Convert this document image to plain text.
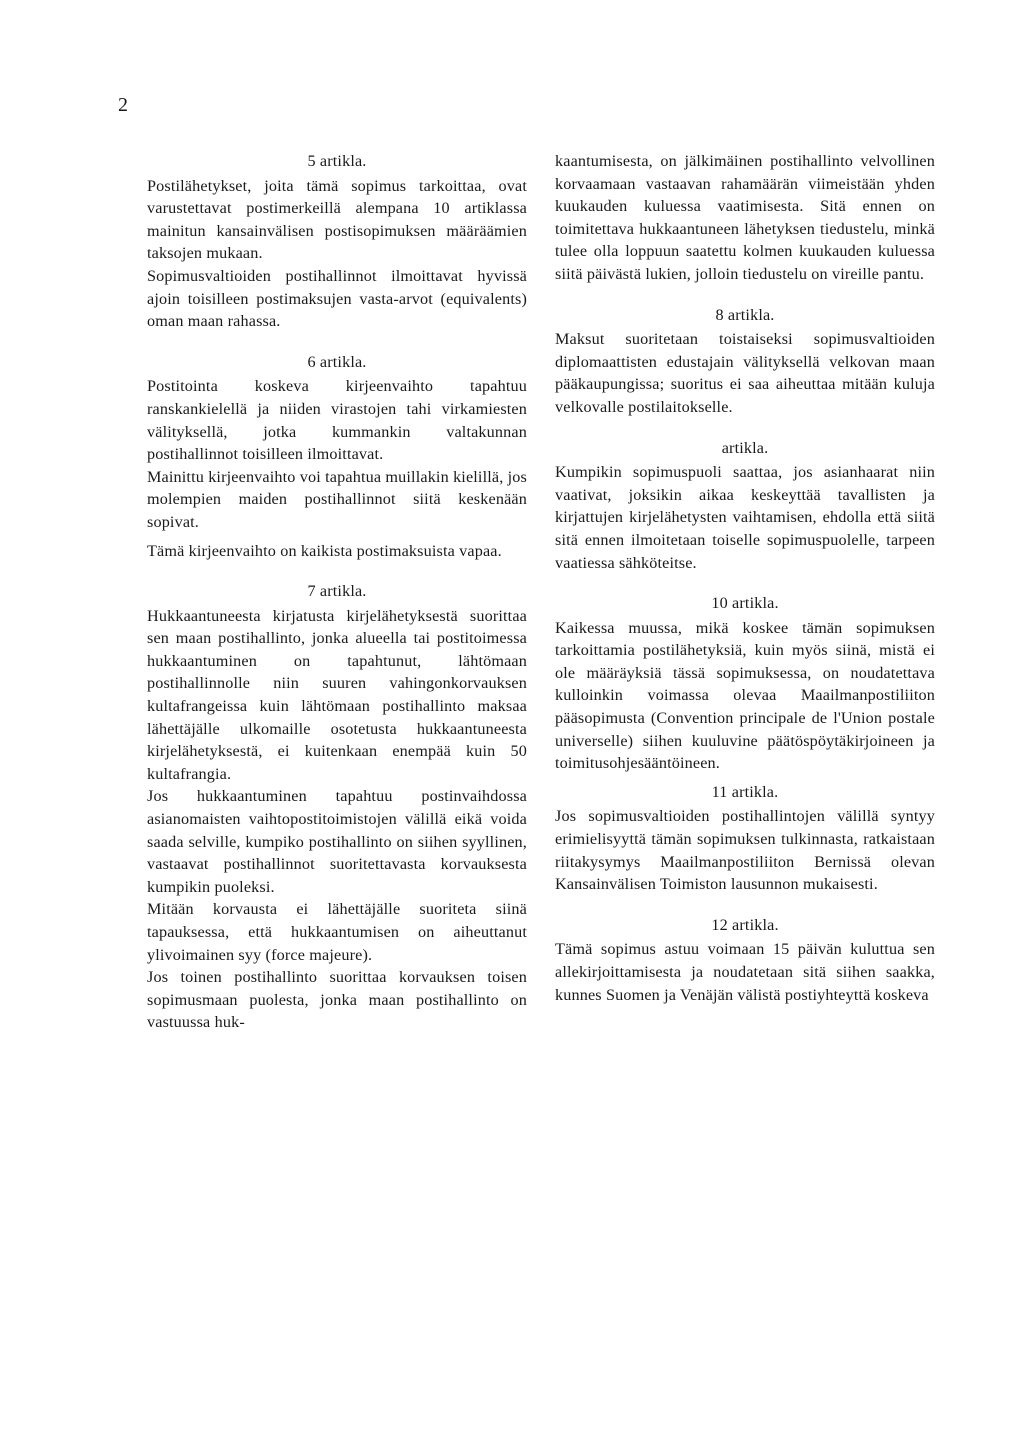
2
5 artikla.

Postilähetykset, joita tämä sopimus tarkoittaa, ovat varustettavat postimerkeillä alempana 10 artiklassa mainitun kansainvälisen postisopimuksen määräämien taksojen mukaan.

Sopimusvaltioiden postihallinnot ilmoittavat hyvissä ajoin toisilleen postimaksujen vasta-arvot (equivalents) oman maan rahassa.

6 artikla.

Postitointa koskeva kirjeenvaihto tapahtuu ranskankielellä ja niiden virastojen tahi virkamiesten välityksellä, jotka kummankin valtakunnan postihallinnot toisilleen ilmoittavat.

Mainittu kirjeenvaihto voi tapahtua muillakin kielillä, jos molempien maiden postihallinnot siitä keskenään sopivat.

Tämä kirjeenvaihto on kaikista postimaksuista vapaa.

7 artikla.

Hukkaantuneesta kirjatusta kirjelähetyksestä suorittaa sen maan postihallinto, jonka alueella tai postitoimessa hukkaantuminen on tapahtunut, lähtömaan postihallinnolle niin suuren vahingonkorvauksen kultafrangeissa kuin lähtömaan postihallinto maksaa lähettäjälle ulkomaille osotetusta hukkaantuneesta kirjelähetyksestä, ei kuitenkaan enempää kuin 50 kultafrangia.

Jos hukkaantuminen tapahtuu postinvaihdossa asianomaisten vaihtopostitoimistojen välillä eikä voida saada selville, kumpiko postihallinto on siihen syyllinen, vastaavat postihallinnot suoritettavasta korvauksesta kumpikin puoleksi.

Mitään korvausta ei lähettäjälle suoriteta siinä tapauksessa, että hukkaantumisen on aiheuttanut ylivoimainen syy (force majeure).

Jos toinen postihallinto suorittaa korvauksen toisen sopimusmaan puolesta, jonka maan postihallinto on vastuussa huk-

kaantumisesta, on jälkimäinen postihallinto velvollinen korvaamaan vastaavan rahamäärän viimeistään yhden kuukauden kuluessa vaatimisesta. Sitä ennen on toimitettava hukkaantuneen lähetyksen tiedustelu, minkä tulee olla loppuun saatettu kolmen kuukauden kuluessa siitä päivästä lukien, jolloin tiedustelu on vireille pantu.

8 artikla.

Maksut suoritetaan toistaiseksi sopimusvaltioiden diplomaattisten edustajain välityksellä velkovan maan pääkaupungissa; suoritus ei saa aiheuttaa mitään kuluja velkovalle postilaitokselle.

artikla.

Kumpikin sopimuspuoli saattaa, jos asianhaarat niin vaativat, joksikin aikaa keskeyttää tavallisten ja kirjattujen kirjelähetysten vaihtamisen, ehdolla että siitä sitä ennen ilmoitetaan toiselle sopimuspuolelle, tarpeen vaatiessa sähköteitse.

10 artikla.

Kaikessa muussa, mikä koskee tämän sopimuksen tarkoittamia postilähetyksiä, kuin myös siinä, mistä ei ole määräyksiä tässä sopimuksessa, on noudatettava kulloinkin voimassa olevaa Maailmanpostiliiton pääsopimusta (Convention principale de l'Union postale universelle) siihen kuuluvine päätöspöytäkirjoineen ja toimitusohjesääntöineen.

11 artikla.

Jos sopimusvaltioiden postihallintojen välillä syntyy erimielisyyttä tämän sopimuksen tulkinnasta, ratkaistaan riitakysymys Maailmanpostiliiton Bernissä olevan Kansainvälisen Toimiston lausunnon mukaisesti.

12 artikla.

Tämä sopimus astuu voimaan 15 päivän kuluttua sen allekirjoittamisesta ja noudatetaan sitä siihen saakka, kunnes Suomen ja Venäjän välistä postiyhteyttä koskeva
